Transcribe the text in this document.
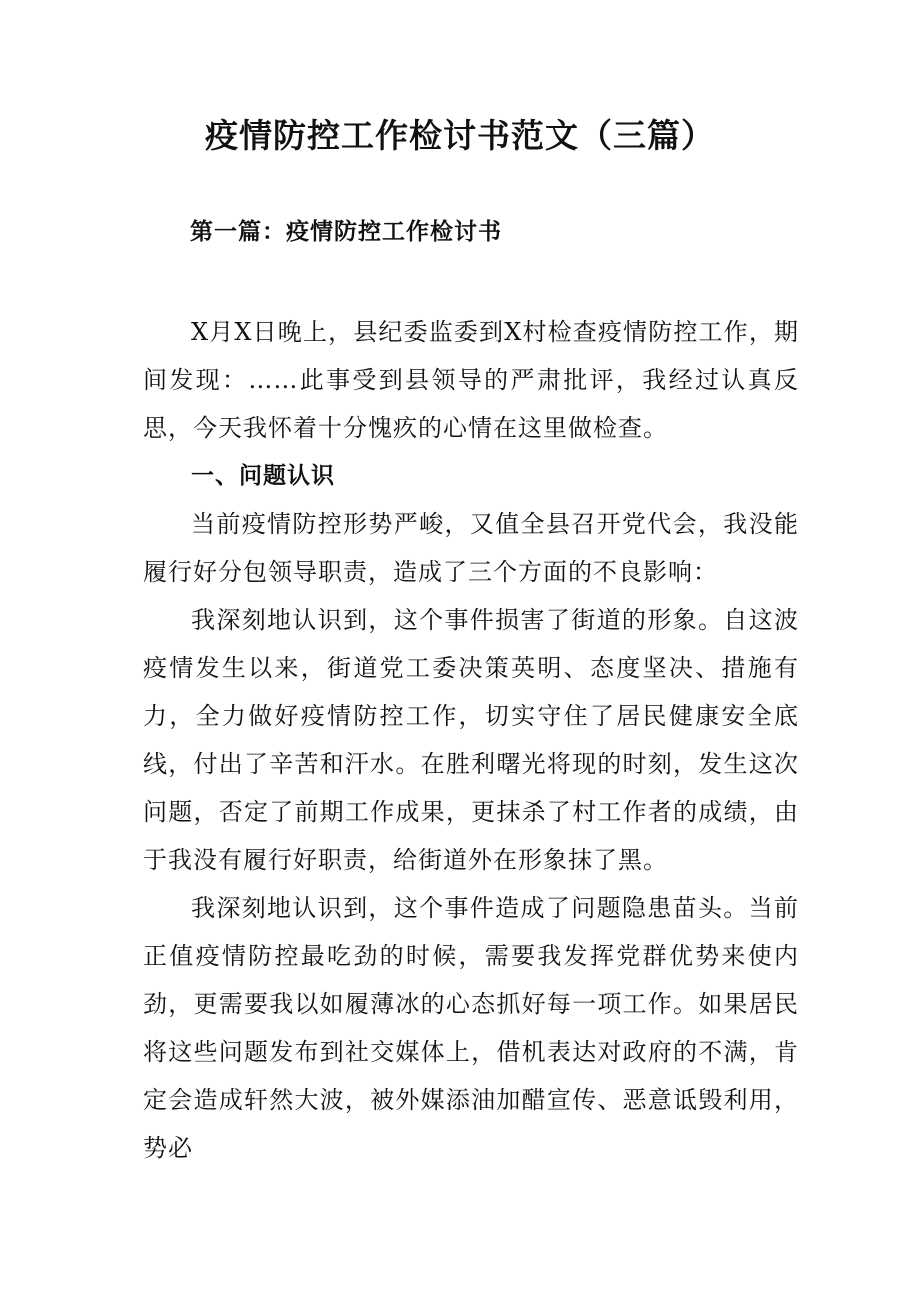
疫情防控工作检讨书范文（三篇）
第一篇：疫情防控工作检讨书

X月X日晚上，县纪委监委到X村检查疫情防控工作，期间发现：……此事受到县领导的严肃批评，我经过认真反思，今天我怀着十分愧疚的心情在这里做检查。

一、问题认识

当前疫情防控形势严峻，又值全县召开党代会，我没能履行好分包领导职责，造成了三个方面的不良影响：

我深刻地认识到，这个事件损害了街道的形象。自这波疫情发生以来，街道党工委决策英明、态度坚决、措施有力，全力做好疫情防控工作，切实守住了居民健康安全底线，付出了辛苦和汗水。在胜利曙光将现的时刻，发生这次问题，否定了前期工作成果，更抹杀了村工作者的成绩，由于我没有履行好职责，给街道外在形象抹了黑。

我深刻地认识到，这个事件造成了问题隐患苗头。当前正值疫情防控最吃劲的时候，需要我发挥党群优势来使内劲，更需要我以如履薄冰的心态抓好每一项工作。如果居民将这些问题发布到社交媒体上，借机表达对政府的不满，肯定会造成轩然大波，被外媒添油加醋宣传、恶意诋毁利用，势必
